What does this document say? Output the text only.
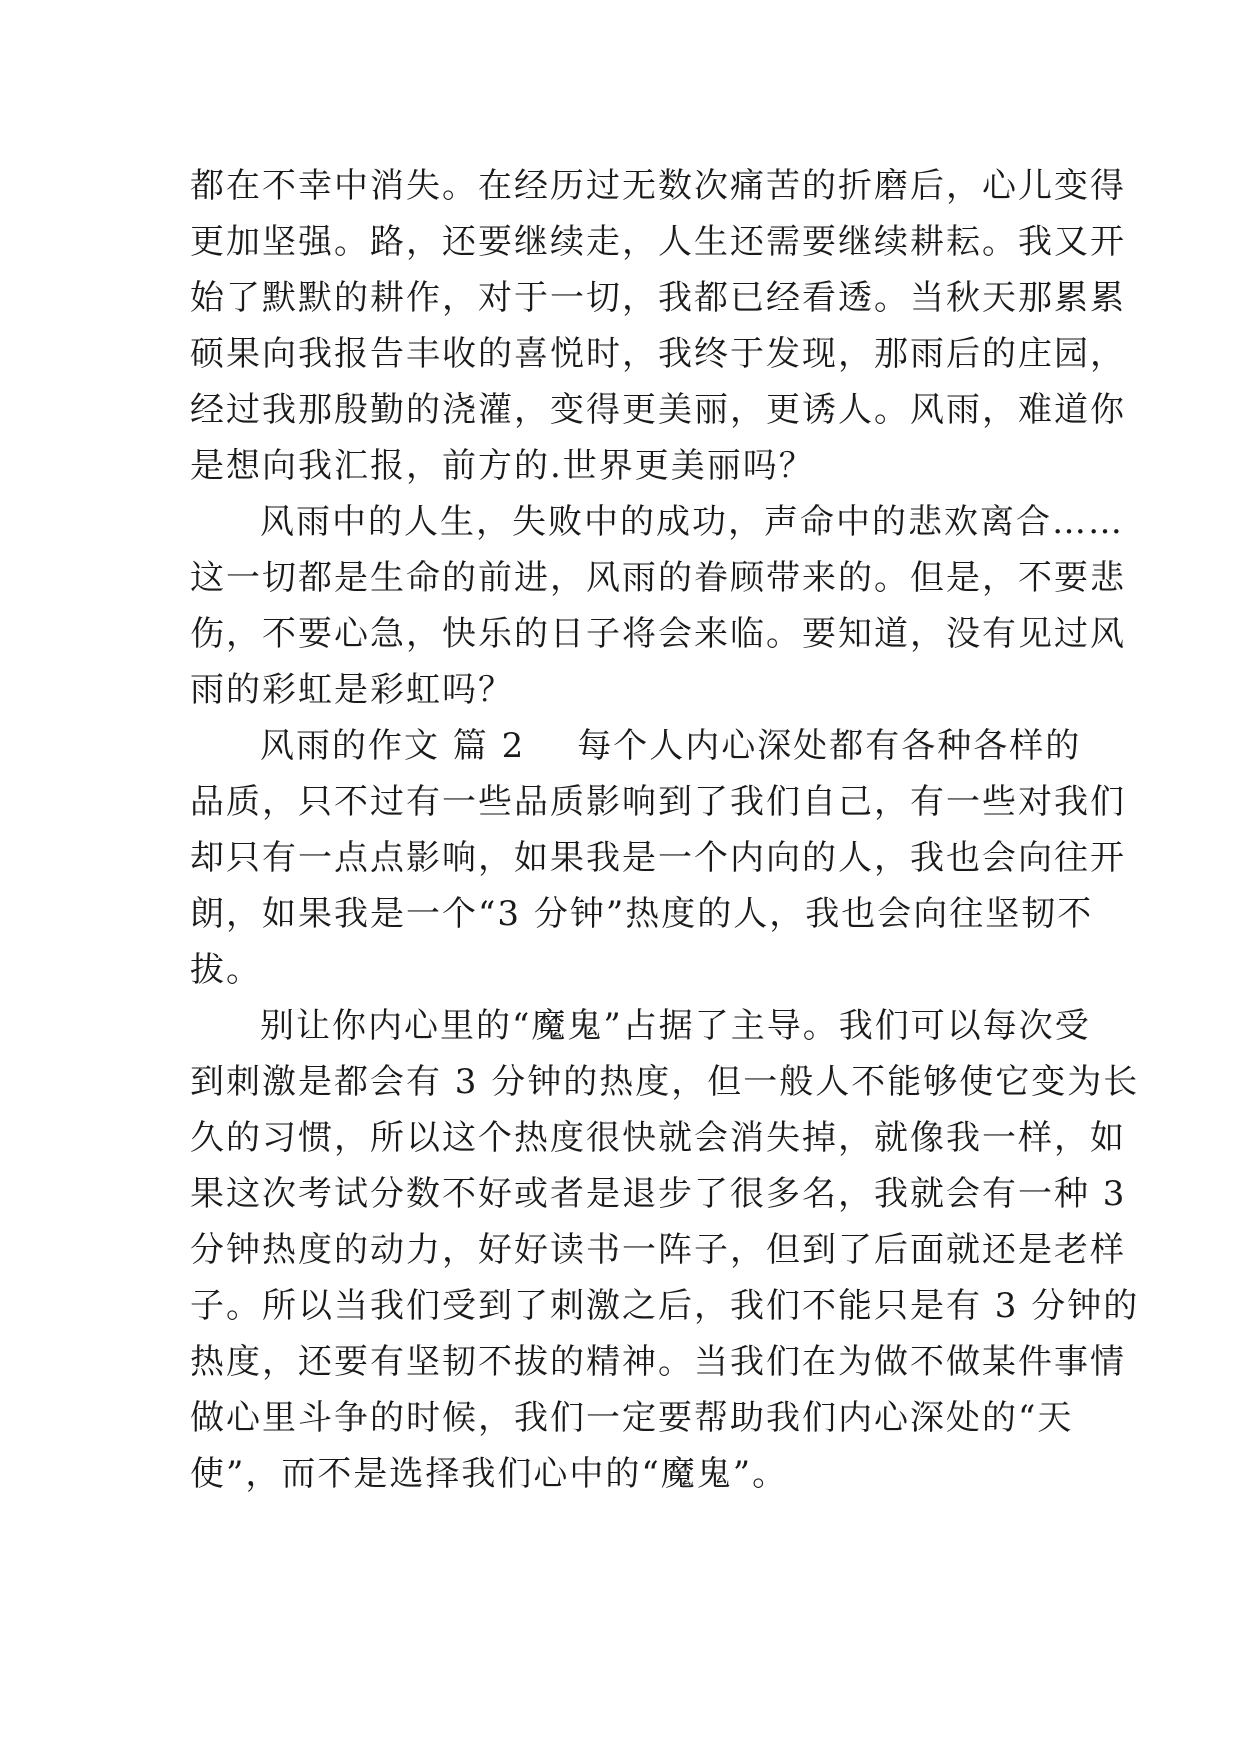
都在不幸中消失。在经历过无数次痛苦的折磨后，心儿变得
更加坚强。路，还要继续走，人生还需要继续耕耘。我又开
始了默默的耕作，对于一切，我都已经看透。当秋天那累累
硕果向我报告丰收的喜悦时，我终于发现，那雨后的庄园，
经过我那殷勤的浇灌，变得更美丽，更诱人。风雨，难道你
是想向我汇报，前方的.世界更美丽吗？
风雨中的人生，失败中的成功，声命中的悲欢离合……
这一切都是生命的前进，风雨的眷顾带来的。但是，不要悲
伤，不要心急，快乐的日子将会来临。要知道，没有见过风
雨的彩虹是彩虹吗？
风雨的作文 篇 2 每个人内心深处都有各种各样的
品质，只不过有一些品质影响到了我们自己，有一些对我们
却只有一点点影响，如果我是一个内向的人，我也会向往开
朗，如果我是一个“3 分钟”热度的人，我也会向往坚韧不
拔。
别让你内心里的“魔鬼”占据了主导。我们可以每次受
到刺激是都会有 3 分钟的热度，但一般人不能够使它变为长
久的习惯，所以这个热度很快就会消失掉，就像我一样，如
果这次考试分数不好或者是退步了很多名，我就会有一种 3
分钟热度的动力，好好读书一阵子，但到了后面就还是老样
子。所以当我们受到了刺激之后，我们不能只是有 3 分钟的
热度，还要有坚韧不拔的精神。当我们在为做不做某件事情
做心里斗争的时候，我们一定要帮助我们内心深处的“天
使”，而不是选择我们心中的“魔鬼”。
